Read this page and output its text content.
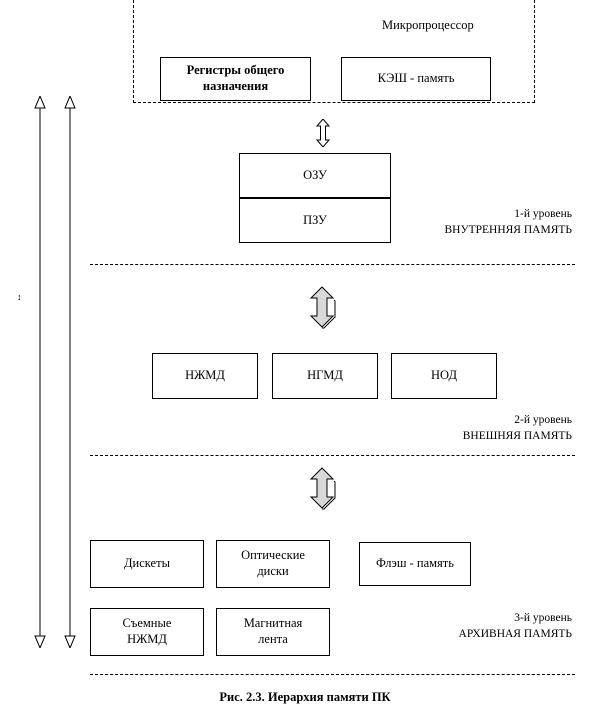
Микропроцессор
Регистры общего назначения
КЭШ - память
ОЗУ
ПЗУ	1-й уровень
ВНУТРЕННЯЯ ПАМЯТЬ
НЖМД	НГМД	НОД
2-й уровень
ВНЕШНЯЯ ПАМЯТЬ
Дискеты
Оптические диски
Флэш - память
Съемные НЖМД
Магнитная лента
3-й уровень
АРХИВНАЯ ПАМЯТЬ
↕
Рис. 2.3. Иерархия памяти ПК
